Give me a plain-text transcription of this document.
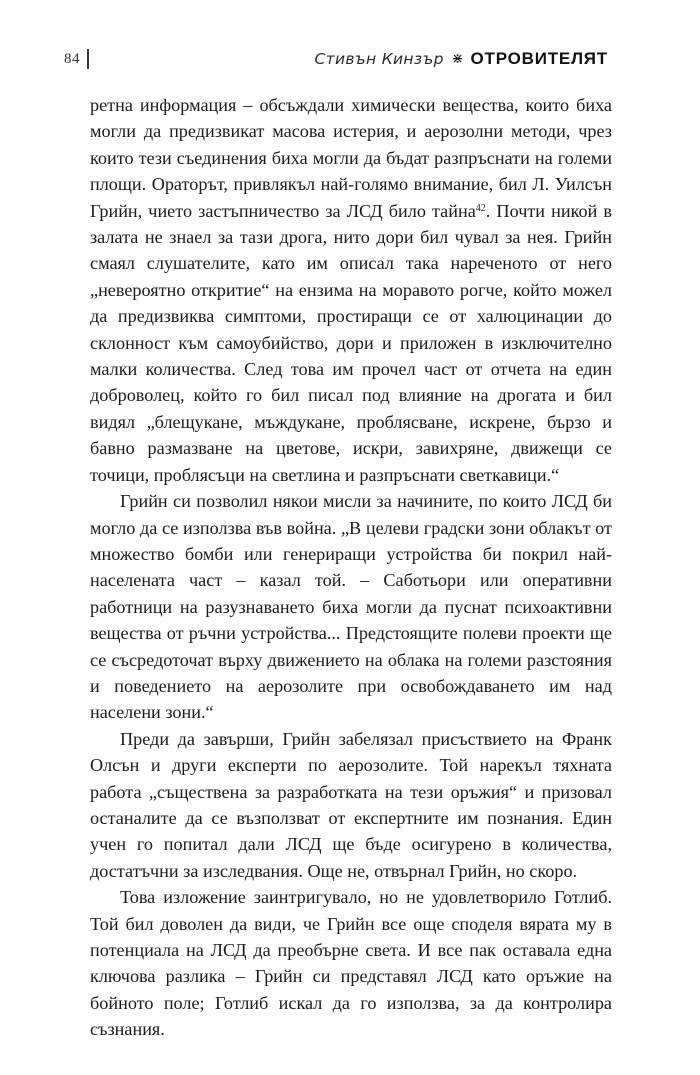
84	Стивън Кинзър ⋇ ОТРОВИТЕЛЯТ

ретна информация – обсъждали химически вещества, които биха могли да предизвикат масова истерия, и аерозолни методи, чрез които тези съединения биха могли да бъдат разпръснати на големи площи. Ораторът, привлякъл най-голямо внимание, бил Л. Уилсън Грийн, чието застъпничество за ЛСД било тайна$^{42}$. Почти никой в залата не знаел за тази дрога, нито дори бил чувал за нея. Грийн смаял слушателите, като им описал така нареченото от него „невероятно откритие“ на ензима на моравото рогче, който можел да предизвиква симптоми, простиращи се от халюцинации до склонност към самоубийство, дори и приложен в изключително малки количества. След това им прочел част от отчета на един доброволец, който го бил писал под влияние на дрогата и бил видял „блещукане, мъждукане, проблясване, искрене, бързо и бавно размазване на цветове, искри, завихряне, движещи се точици, проблясъци на светлина и разпръснати светкавици.“

Грийн си позволил някои мисли за начините, по които ЛСД би могло да се използва във война. „В целеви градски зони облакът от множество бомби или генериращи устройства би покрил най-населената част – казал той. – Саботьори или оперативни работници на разузнаването биха могли да пуснат психоактивни вещества от ръчни устройства... Предстоящите полеви проекти ще се съсредоточат върху движението на облака на големи разстояния и поведението на аерозолите при освобождаването им над населени зони.“

Преди да завърши, Грийн забелязал присъствието на Франк Олсън и други експерти по аерозолите. Той нарекъл тяхната работа „съществена за разработката на тези оръжия“ и призовал останалите да се възползват от експертните им познания. Един учен го попитал дали ЛСД ще бъде осигурено в количества, достатъчни за изследвания. Още не, отвърнал Грийн, но скоро.

Това изложение заинтригувало, но не удовлетворило Готлиб. Той бил доволен да види, че Грийн все още споделя вярата му в потенциала на ЛСД да преобърне света. И все пак оставала една ключова разлика – Грийн си представял ЛСД като оръжие на бойното поле; Готлиб искал да го използва, за да контролира съзнания.
